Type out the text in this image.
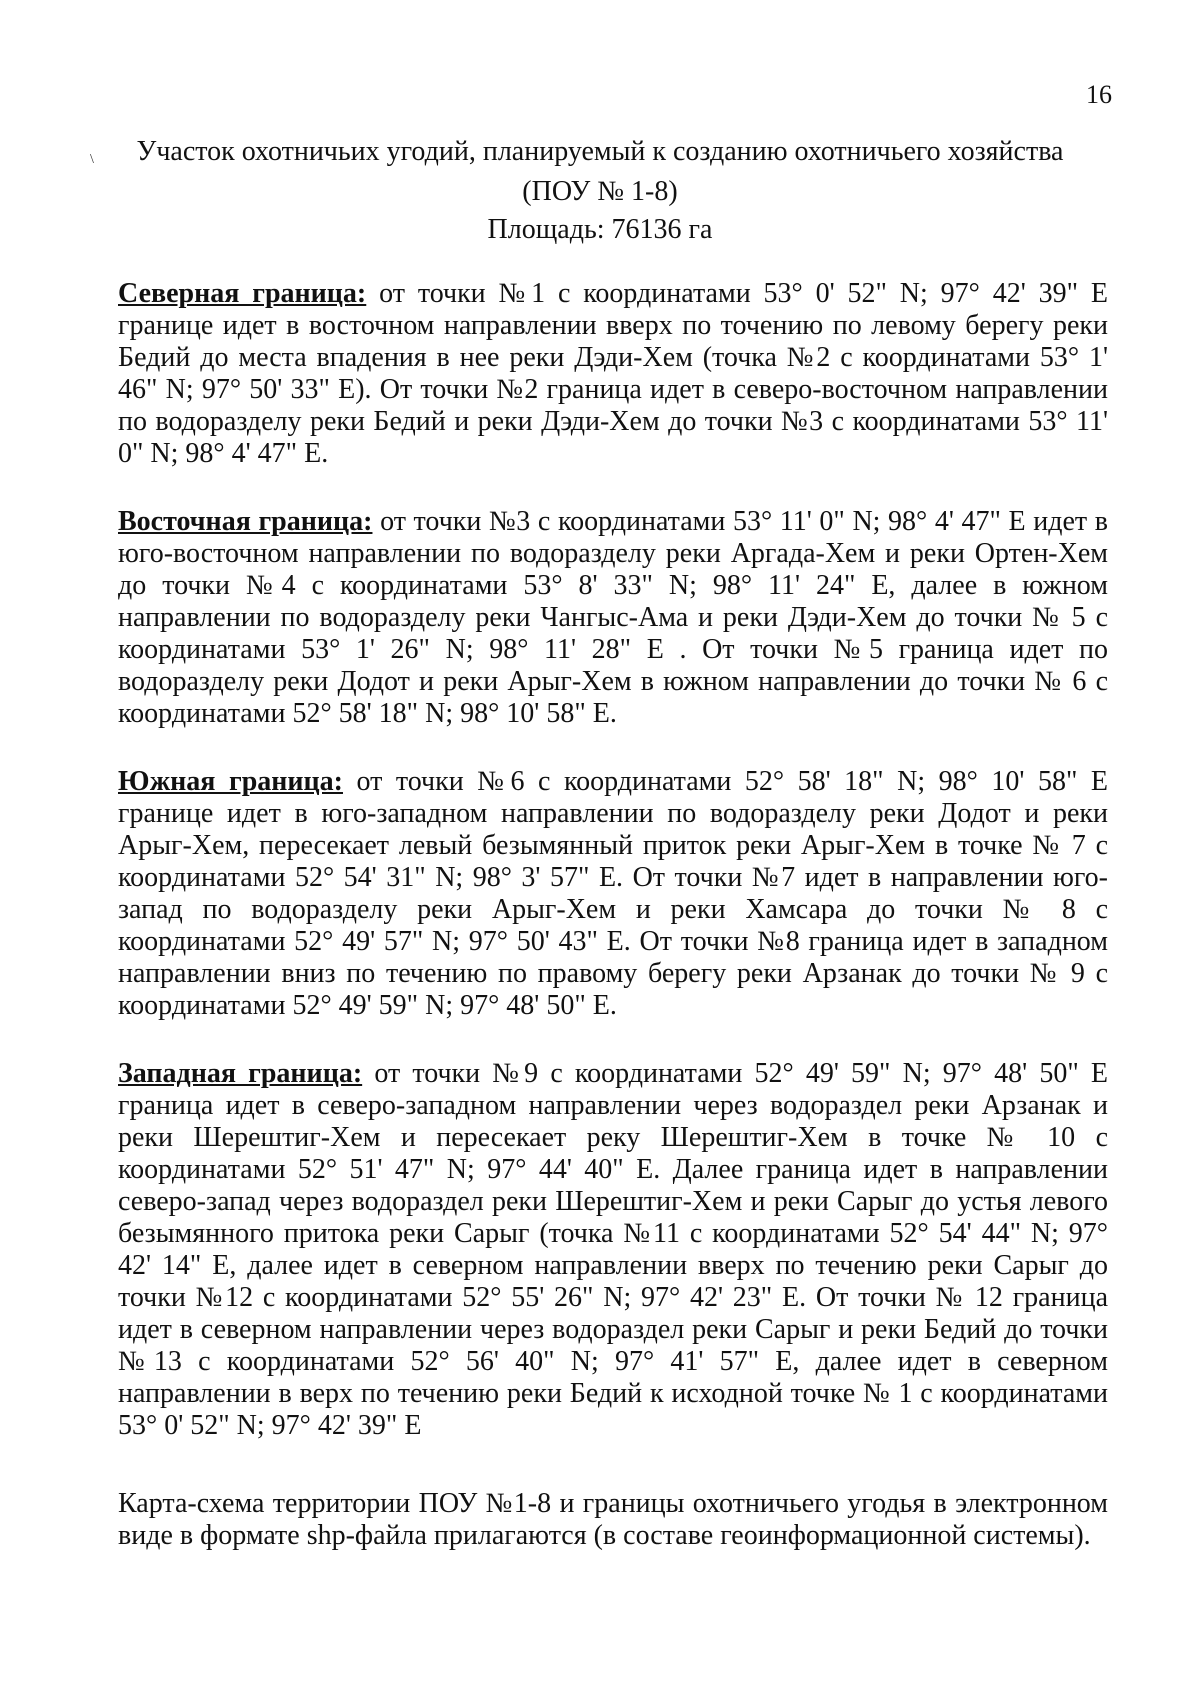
16
\	Участок охотничьих угодий, планируемый к созданию охотничьего хозяйства
(ПОУ № 1-8)
Площадь: 76136 га
Северная граница: от точки №1 с координатами 53° 0' 52" N; 97° 42' 39" E границе идет в восточном направлении вверх по точению по левому берегу реки Бедий до места впадения в нее реки Дэди-Хем (точка №2 с координатами 53° 1' 46" N; 97° 50' 33" E). От точки №2 граница идет в северо-восточном направлении по водоразделу реки Бедий и реки Дэди-Хем до точки №3 с координатами 53° 11' 0" N; 98° 4' 47" E.
Восточная граница: от точки №3 с координатами 53° 11' 0" N; 98° 4' 47" E идет в юго-восточном направлении по водоразделу реки Аргада-Хем и реки Ортен-Хем до точки №4 с координатами 53° 8' 33" N; 98° 11' 24" E, далее в южном направлении по водоразделу реки Чангыс-Ама и реки Дэди-Хем до точки № 5 с координатами 53° 1' 26" N; 98° 11' 28" E . От точки №5 граница идет по водоразделу реки Додот и реки Арыг-Хем в южном направлении до точки № 6 с координатами 52° 58' 18" N; 98° 10' 58" E.
Южная граница: от точки №6 с координатами 52° 58' 18" N; 98° 10' 58" E границе идет в юго-западном направлении по водоразделу реки Додот и реки Арыг-Хем, пересекает левый безымянный приток реки Арыг-Хем в точке № 7 с координатами 52° 54' 31" N; 98° 3' 57" E. От точки №7 идет в направлении юго-запад по водоразделу реки Арыг-Хем и реки Хамсара до точки № 8 с координатами 52° 49' 57" N; 97° 50' 43" E. От точки №8 граница идет в западном направлении вниз по течению по правому берегу реки Арзанак до точки № 9 с координатами 52° 49' 59" N; 97° 48' 50" E.
Западная граница: от точки №9 с координатами 52° 49' 59" N; 97° 48' 50" E граница идет в северо-западном направлении через водораздел реки Арзанак и реки Шерештиг-Хем и пересекает реку Шерештиг-Хем в точке № 10 с координатами 52° 51' 47" N; 97° 44' 40" E. Далее граница идет в направлении северо-запад через водораздел реки Шерештиг-Хем и реки Сарыг до устья левого безымянного притока реки Сарыг (точка №11 с координатами 52° 54' 44" N; 97° 42' 14" E, далее идет в северном направлении вверх по течению реки Сарыг до точки №12 с координатами 52° 55' 26" N; 97° 42' 23" E. От точки № 12 граница идет в северном направлении через водораздел реки Сарыг и реки Бедий до точки №13 с координатами 52° 56' 40" N; 97° 41' 57" E, далее идет в северном направлении в верх по течению реки Бедий к исходной точке № 1 с координатами 53° 0' 52" N; 97° 42' 39" E
Карта-схема территории ПОУ №1-8 и границы охотничьего угодья в электронном виде в формате shp-файла прилагаются (в составе геоинформационной системы).
